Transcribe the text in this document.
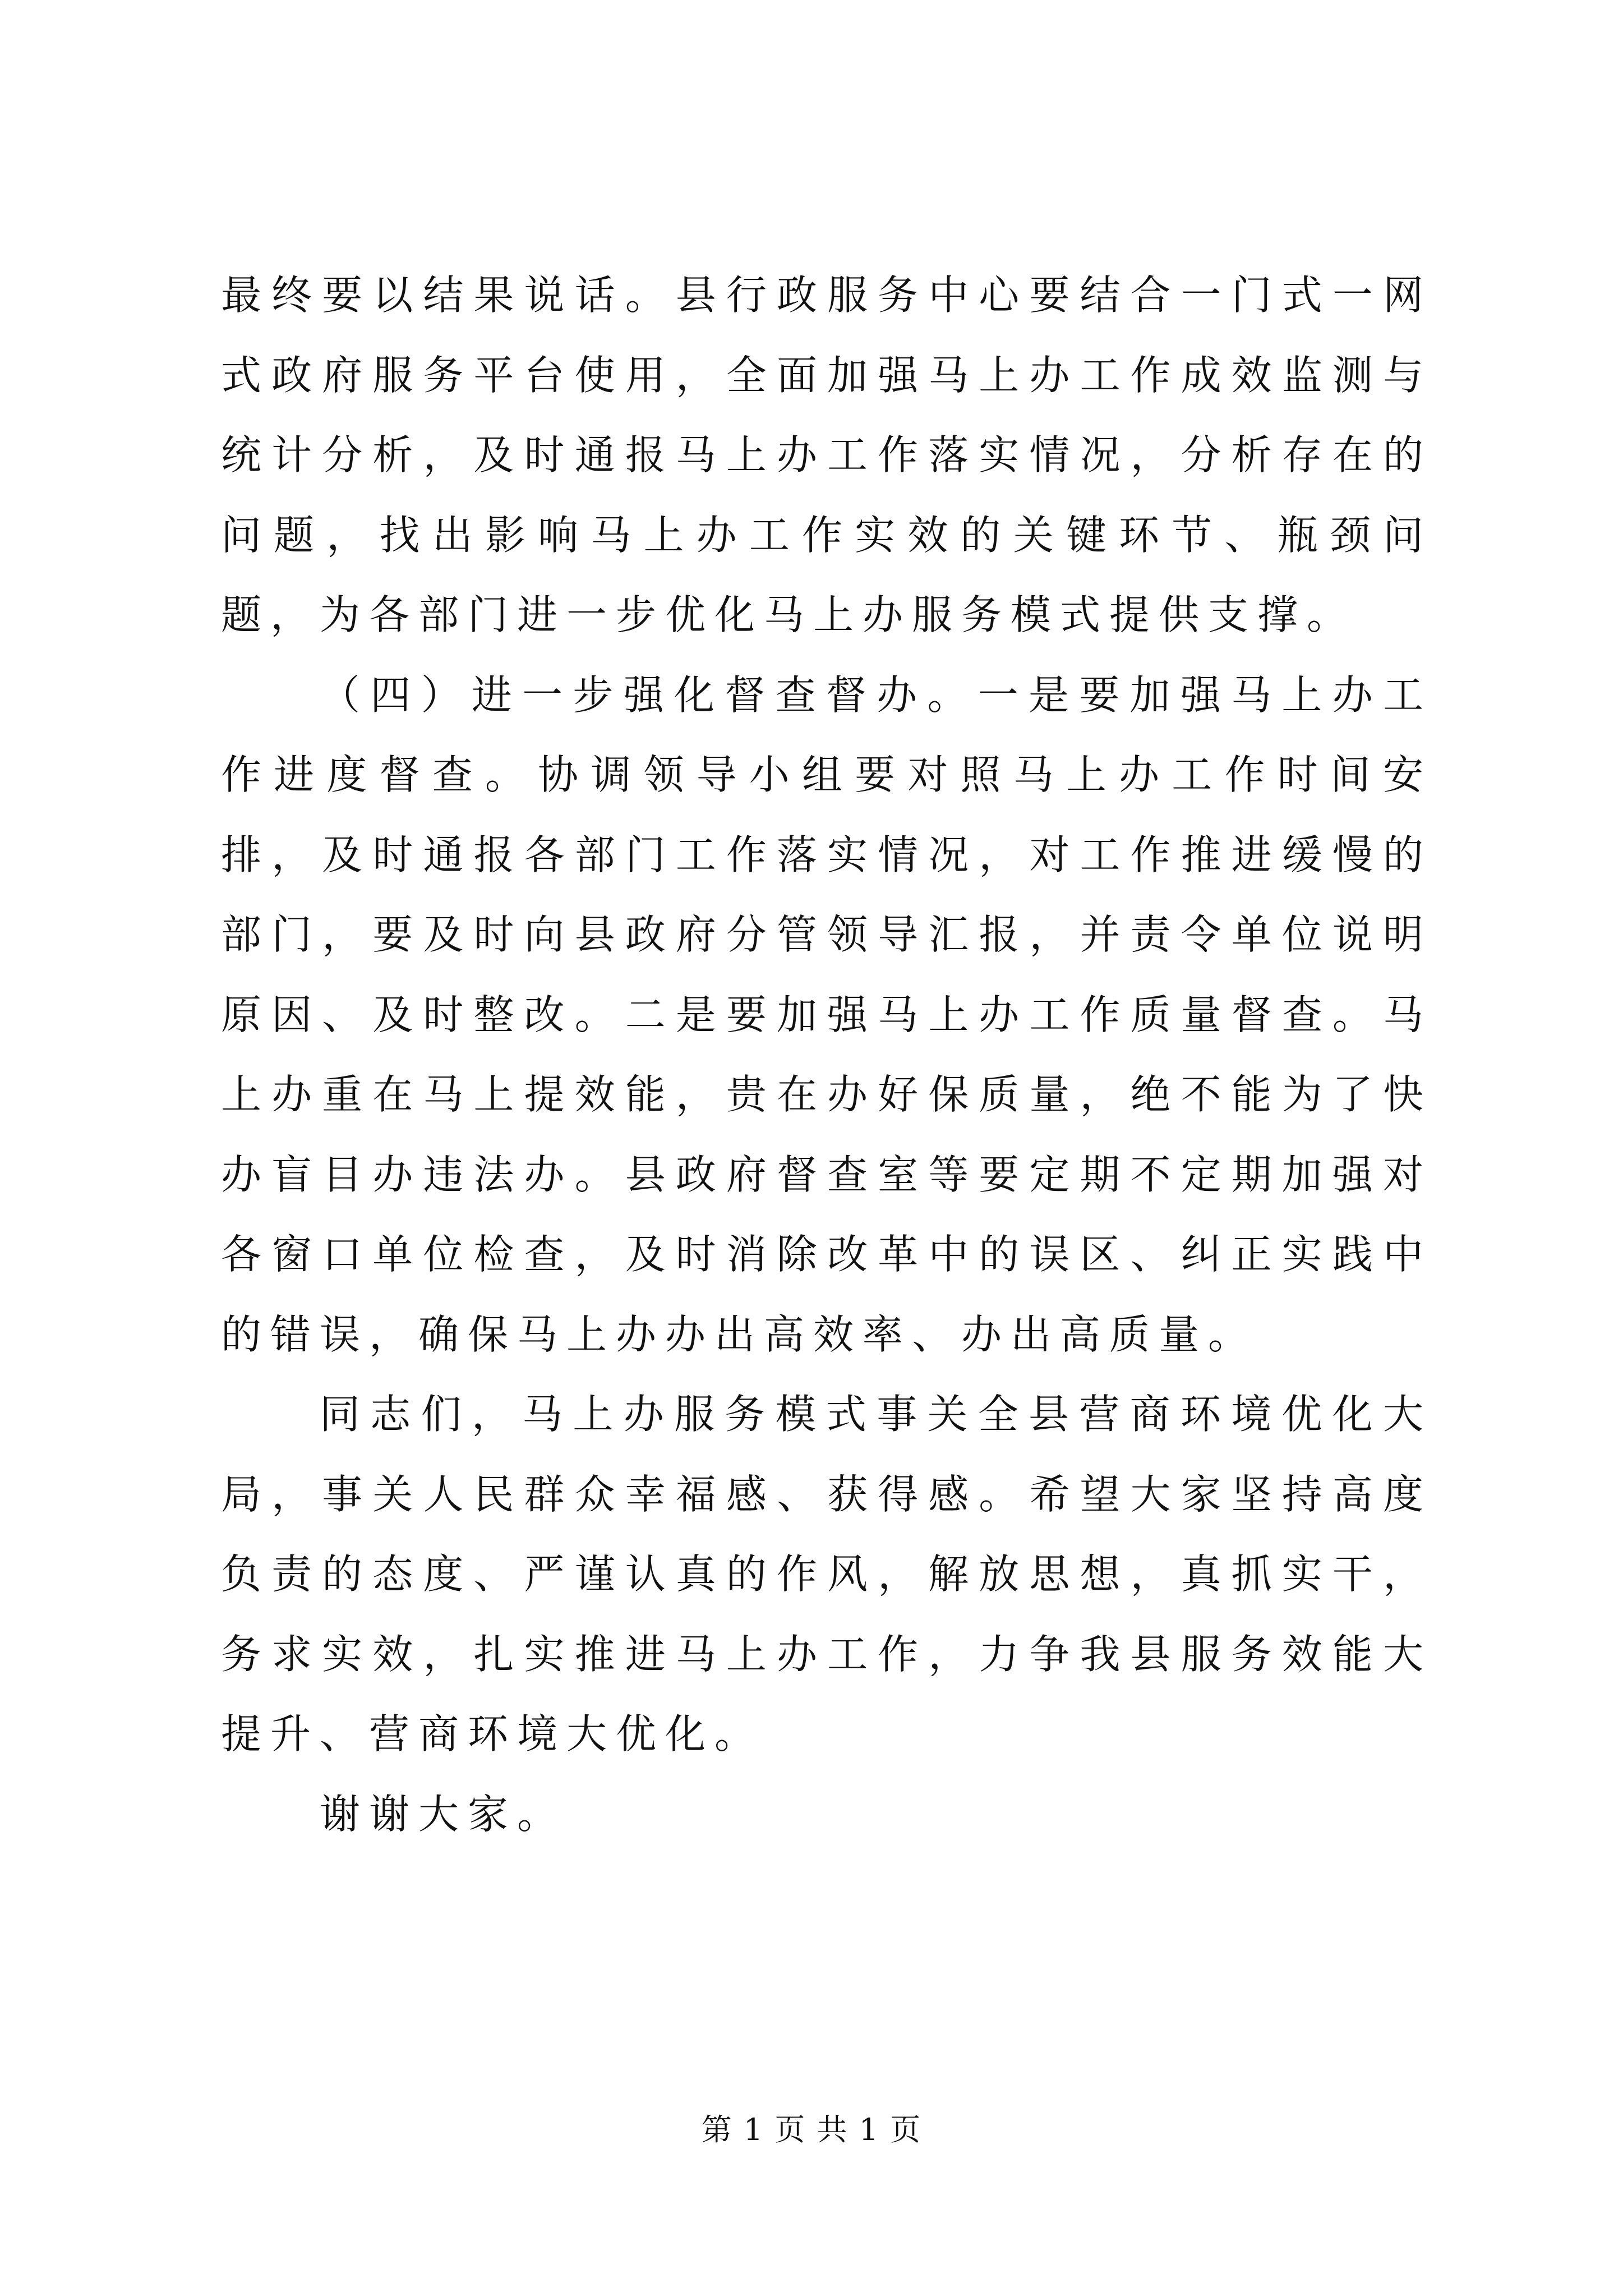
最终要以结果说话。县行政服务中心要结合一门式一网式政府服务平台使用，全面加强马上办工作成效监测与统计分析，及时通报马上办工作落实情况，分析存在的问题，找出影响马上办工作实效的关键环节、瓶颈问题，为各部门进一步优化马上办服务模式提供支撑。

（四）进一步强化督查督办。一是要加强马上办工作进度督查。协调领导小组要对照马上办工作时间安排，及时通报各部门工作落实情况，对工作推进缓慢的部门，要及时向县政府分管领导汇报，并责令单位说明原因、及时整改。二是要加强马上办工作质量督查。马上办重在马上提效能，贵在办好保质量，绝不能为了快办盲目办违法办。县政府督查室等要定期不定期加强对各窗口单位检查，及时消除改革中的误区、纠正实践中的错误，确保马上办办出高效率、办出高质量。

同志们，马上办服务模式事关全县营商环境优化大局，事关人民群众幸福感、获得感。希望大家坚持高度负责的态度、严谨认真的作风，解放思想，真抓实干，务求实效，扎实推进马上办工作，力争我县服务效能大提升、营商环境大优化。

谢谢大家。

第 1 页 共 1 页
